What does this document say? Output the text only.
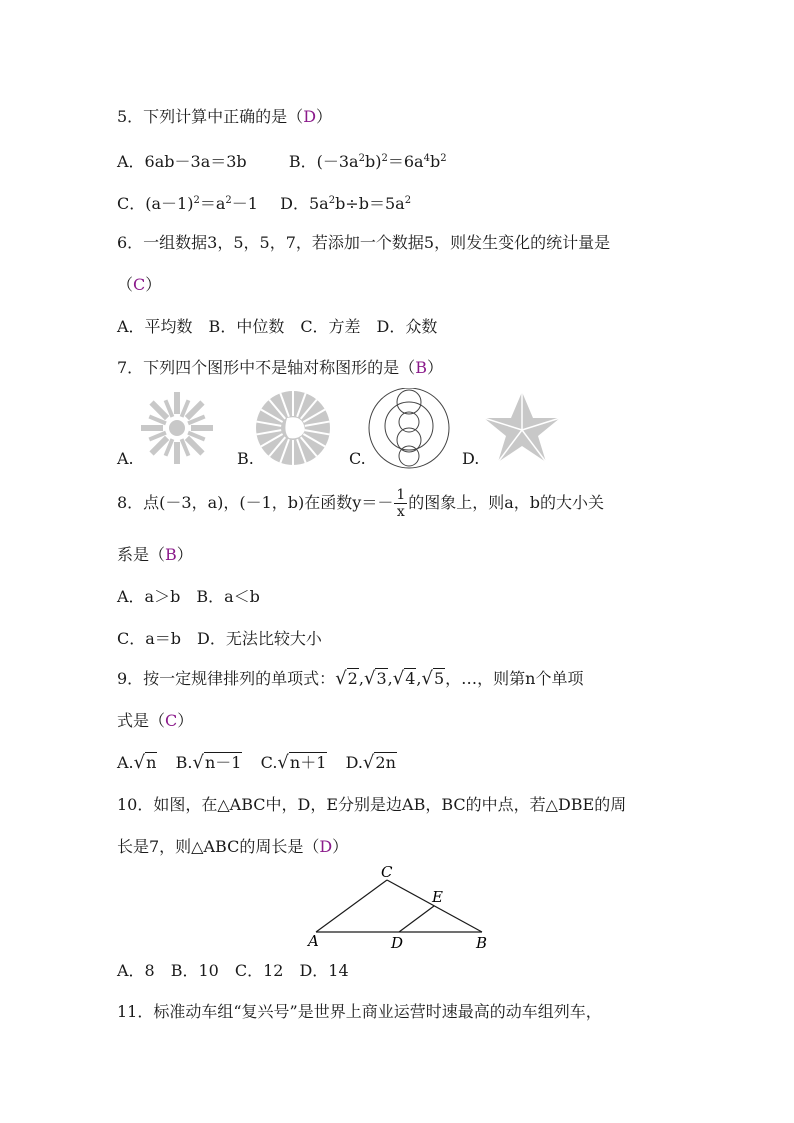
5．下列计算中正确的是（D）
A．6ab－3a＝3b	B．$(-3a^2b)^2=6a^4b^2$
C．$(a-1)^2=a^2-1$ D．$5a^2b\div b=5a^2$
6．一组数据3，5，5，7，若添加一个数据5，则发生变化的统计量是
（C）
A．平均数　B．中位数　C．方差　D．众数
7．下列四个图形中不是轴对称图形的是（B）
A.	B.	C.	D.
8．点(－3，a)，(－1，b)在函数$y=- \frac{1}{x}$ 的图象上，则a，b的大小关
系是（B）
A．a＞b　B．a＜b
C．a＝b　D．无法比较大小
9．按一定规律排列的单项式：√2,√3,√4,√5，…，则第n个单项
式是（C）
A.√n B.√n－1 C.√n＋1 D.√2n
10．如图，在△ABC中，D，E分别是边AB，BC的中点，若△DBE的周
长是7，则△ABC的周长是（D）
C
E
A	D	B
A．8　B．10　C．12　D．14
11．标准动车组“复兴号”是世界上商业运营时速最高的动车组列车，
